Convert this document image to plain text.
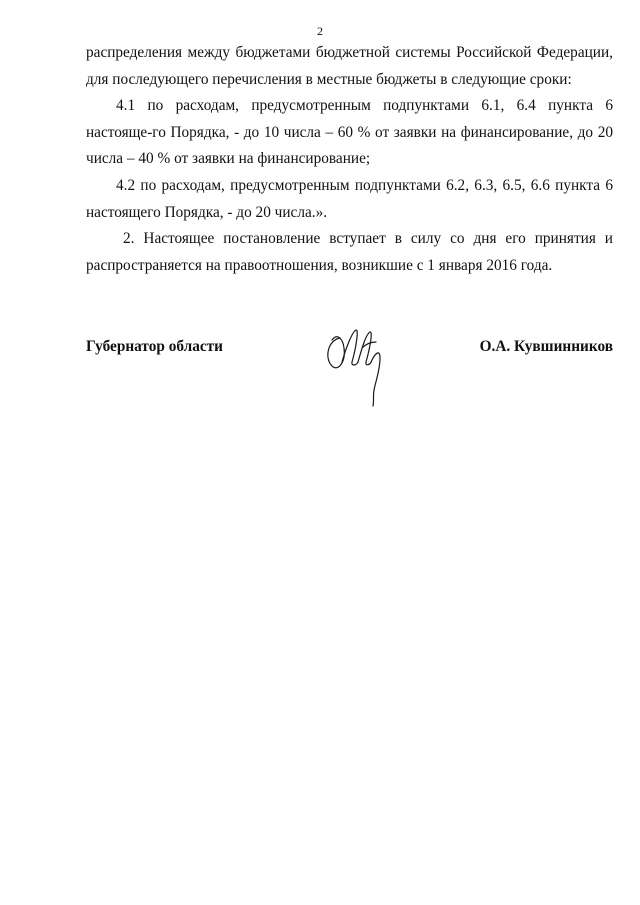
2

распределения между бюджетами бюджетной системы Российской Федерации, для последующего перечисления в местные бюджеты в следующие сроки:

4.1 по расходам, предусмотренным подпунктами 6.1, 6.4 пункта 6 настояще-го Порядка, - до 10 числа – 60 % от заявки на финансирование, до 20 числа – 40 % от заявки на финансирование;

4.2 по расходам, предусмотренным подпунктами 6.2, 6.3, 6.5, 6.6 пункта 6 настоящего Порядка, - до 20 числа.».

2. Настоящее постановление вступает в силу со дня его принятия и распространяется на правоотношения, возникшие с 1 января 2016 года.

Губернатор области	О.А. Кувшинников
